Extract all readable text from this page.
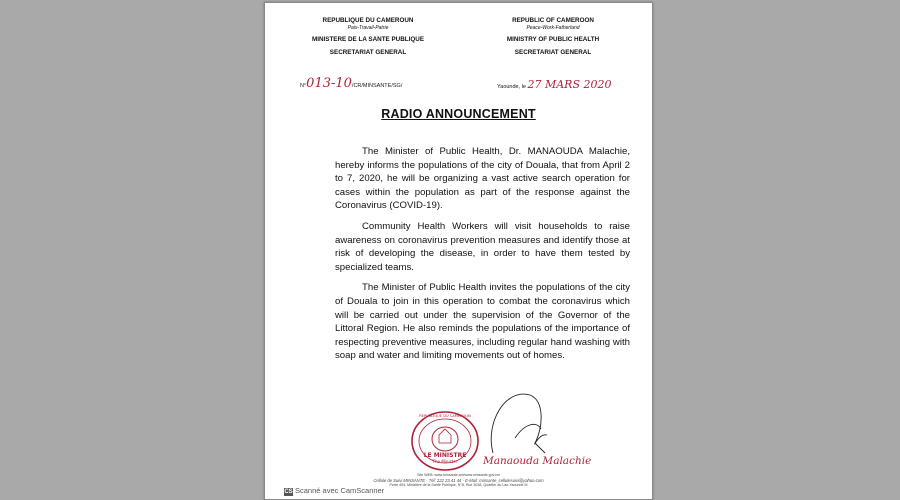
REPUBLIQUE DU CAMEROUN
Paix-Travail-Patrie
MINISTERE DE LA SANTE PUBLIQUE
SECRETARIAT GENERAL
REPUBLIC OF CAMEROON
Peace-Work-Fatherland
MINISTRY OF PUBLIC HEALTH
SECRETARIAT GENERAL
N°013-10/CR/MINSANTE/SG/	Yaounde, le 27 MARS 2020
RADIO ANNOUNCEMENT

The Minister of Public Health, Dr. MANAOUDA Malachie, hereby informs the populations of the city of Douala, that from April 2 to 7, 2020, he will be organizing a vast active search operation for cases within the population as part of the response against the Coronavirus (COVID-19).

Community Health Workers will visit households to raise awareness on coronavirus prevention measures and identify those at risk of developing the disease, in order to have them tested by specialized teams.

The Minister of Public Health invites the populations of the city of Douala to join in this operation to combat the coronavirus which will be carried out under the supervision of the Governor of the Littoral Region. He also reminds the populations of the importance of respecting preventive measures, including regular hand washing with soap and water and limiting movements out of homes.

LE MINISTRE
The Minister
REPUBLIQUE DU CAMEROUN
Manaouda Malachie
Site WEB: www.minsante.cm/www.minsante.gov.cm
Cellule de Suivi MINSANTE · Tél: 222 23 41 44 · E-Mail: minsante_cellulesuivi@yahoo.com
Porte 404, Ministère de la Santé Publique, N°8, Rue 3038, Quartier du Lac-Yaoundé III
CS Scanné avec CamScanner
